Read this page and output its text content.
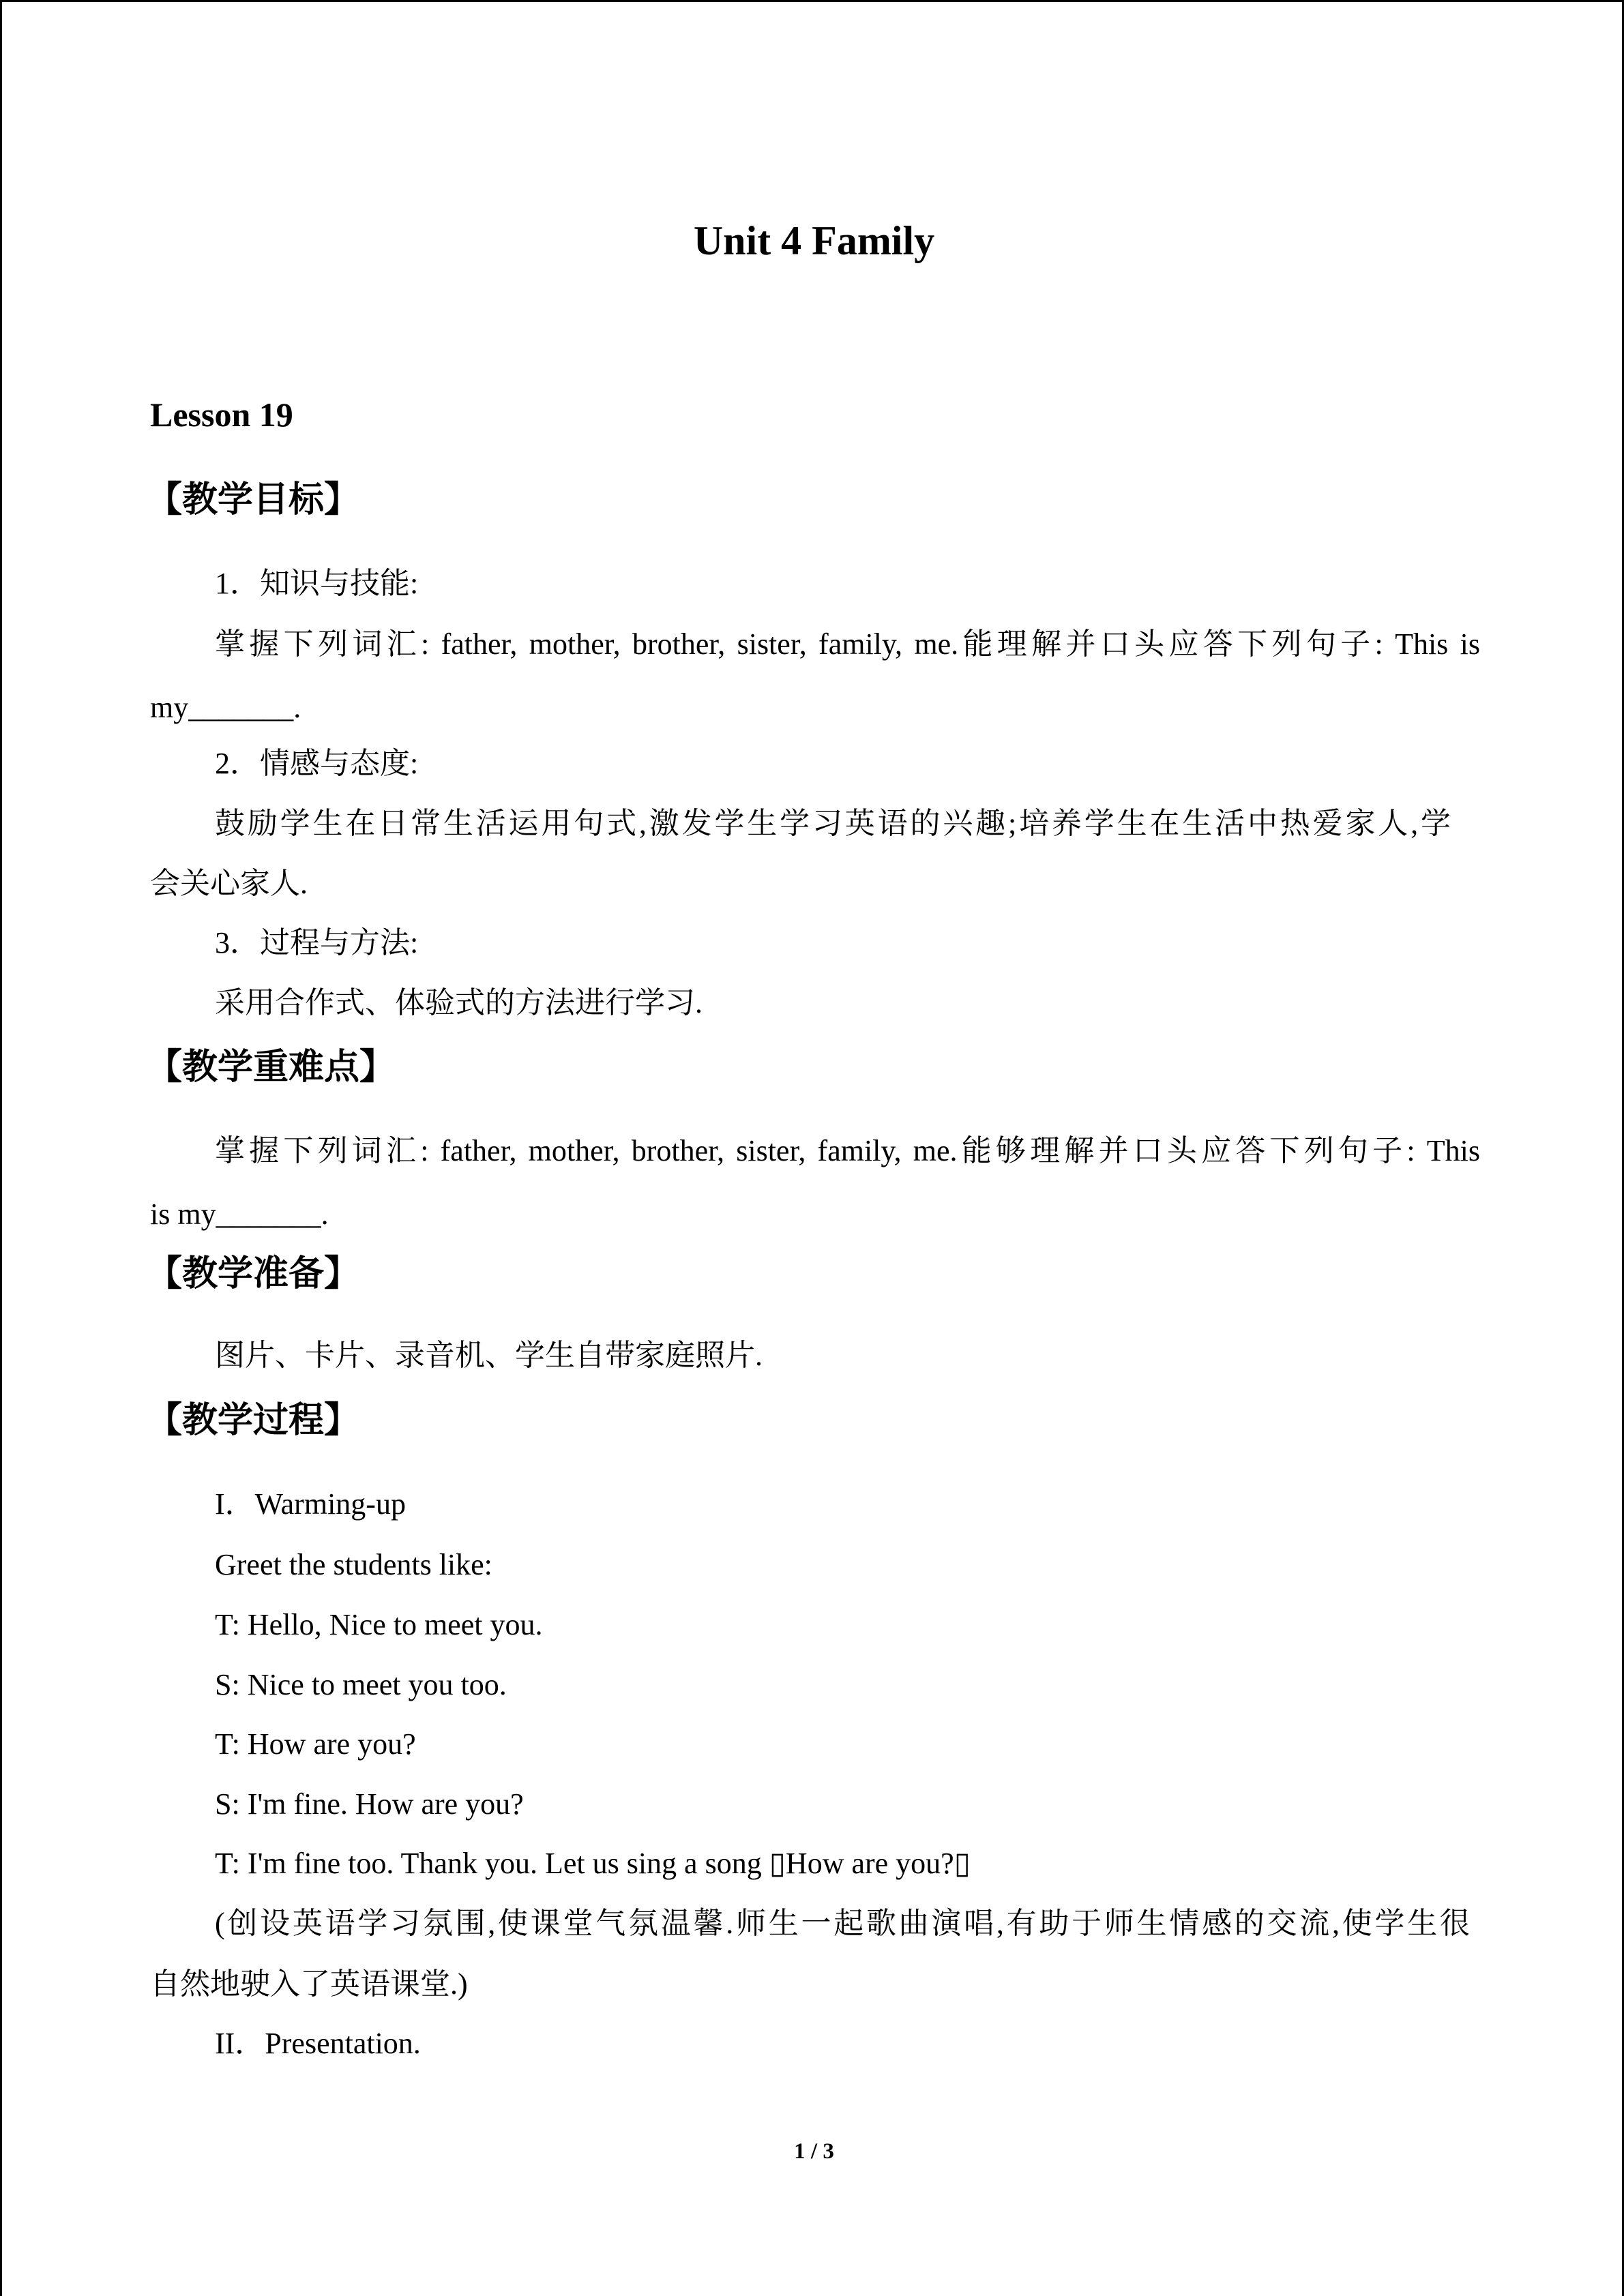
Unit 4 Family
Lesson 19
【教学目标】
1．知识与技能:
掌握下列词汇: father, mother, brother, sister, family, me.能理解并口头应答下列句子: This is
my_______.
2．情感与态度:
鼓励学生在日常生活运用句式,激发学生学习英语的兴趣;培养学生在生活中热爱家人,学
会关心家人.
3．过程与方法:
采用合作式、体验式的方法进行学习.
【教学重难点】
掌握下列词汇: father, mother, brother, sister, family, me.能够理解并口头应答下列句子: This
is my_______.
【教学准备】
图片、卡片、录音机、学生自带家庭照片.
【教学过程】
I．Warming-up
Greet the students like:
T: Hello, Nice to meet you.
S: Nice to meet you too.
T: How are you?
S: I'm fine. How are you?
T: I'm fine too. Thank you. Let us sing a song ▯How are you?▯
(创设英语学习氛围,使课堂气氛温馨.师生一起歌曲演唱,有助于师生情感的交流,使学生很
自然地驶入了英语课堂.)
II．Presentation.
1 / 3
